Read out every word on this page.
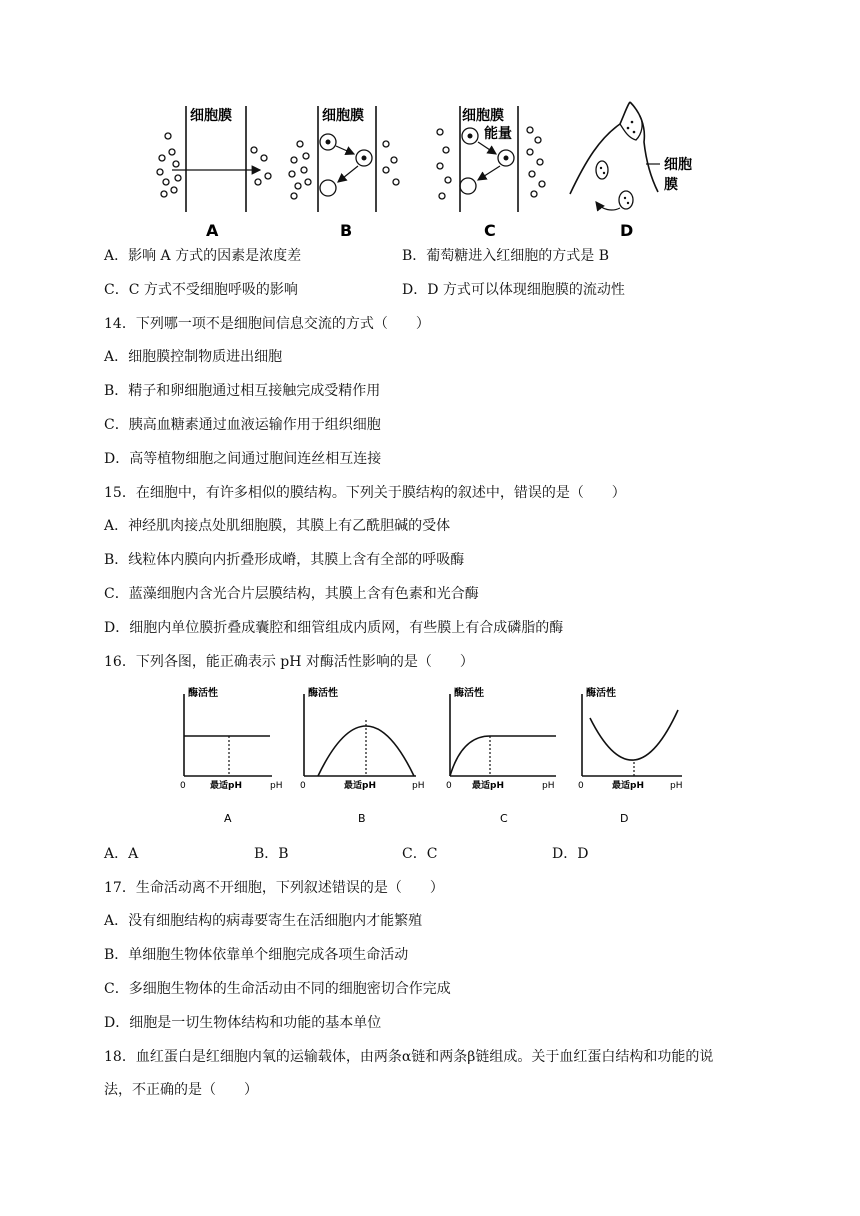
细胞膜
A
细胞膜
B
细胞膜
能量
C
细胞
膜
D
A．影响 A 方式的因素是浓度差	B．葡萄糖进入红细胞的方式是 B
C．C 方式不受细胞呼吸的影响	D．D 方式可以体现细胞膜的流动性
14．下列哪一项不是细胞间信息交流的方式（　　）
A．细胞膜控制物质进出细胞
B．精子和卵细胞通过相互接触完成受精作用
C．胰高血糖素通过血液运输作用于组织细胞
D．高等植物细胞之间通过胞间连丝相互连接
15．在细胞中，有许多相似的膜结构。下列关于膜结构的叙述中，错误的是（　　）
A．神经肌肉接点处肌细胞膜，其膜上有乙酰胆碱的受体
B．线粒体内膜向内折叠形成嵴，其膜上含有全部的呼吸酶
C．蓝藻细胞内含光合片层膜结构，其膜上含有色素和光合酶
D．细胞内单位膜折叠成囊腔和细管组成内质网，有些膜上有合成磷脂的酶
16．下列各图，能正确表示 pH 对酶活性影响的是（　　）
酶活性
0	最适pH	pH
A
酶活性
0	最适pH	pH
B
酶活性
0 最适pH	pH
C
酶活性
0	最适pH	pH
D
A．A	B．B	C．C	D．D
17．生命活动离不开细胞，下列叙述错误的是（　　）
A．没有细胞结构的病毒要寄生在活细胞内才能繁殖
B．单细胞生物体依靠单个细胞完成各项生命活动
C．多细胞生物体的生命活动由不同的细胞密切合作完成
D．细胞是一切生物体结构和功能的基本单位
18．血红蛋白是红细胞内氧的运输载体，由两条α链和两条β链组成。关于血红蛋白结构和功能的说
法，不正确的是（　　）
